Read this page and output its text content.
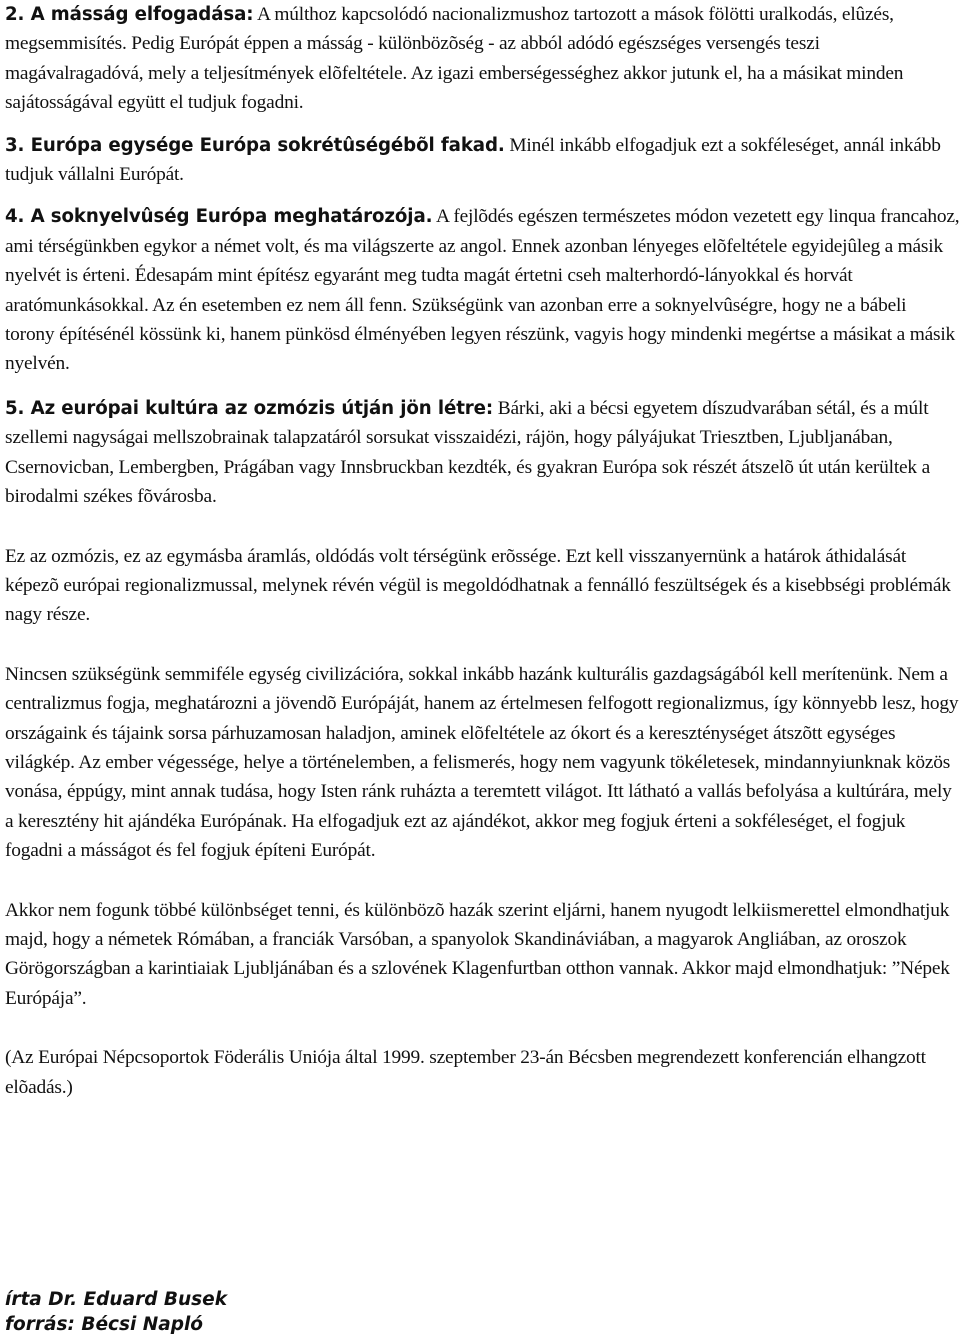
2. A másság elfogadása: A múlthoz kapcsolódó nacionalizmushoz tartozott a mások fölötti uralkodás, elûzés, megsemmisítés. Pedig Európát éppen a másság - különbözõség - az abból adódó egészséges versengés teszi magávalragadóvá, mely a teljesítmények elõfeltétele. Az igazi emberségességhez akkor jutunk el, ha a másikat minden sajátosságával együtt el tudjuk fogadni.

3. Európa egysége Európa sokrétûségébõl fakad. Minél inkább elfogadjuk ezt a sokféleséget, annál inkább tudjuk vállalni Európát.

4. A soknyelvûség Európa meghatározója. A fejlõdés egészen természetes módon vezetett egy linqua francahoz, ami térségünkben egykor a német volt, és ma világszerte az angol. Ennek azonban lényeges elõfeltétele egyidejûleg a másik nyelvét is érteni. Édesapám mint építész egyaránt meg tudta magát értetni cseh malterhordó-lányokkal és horvát aratómunkásokkal. Az én esetemben ez nem áll fenn. Szükségünk van azonban erre a soknyelvûségre, hogy ne a bábeli torony építésénél kössünk ki, hanem pünkösd élményében legyen részünk, vagyis hogy mindenki megértse a másikat a másik nyelvén.

5. Az európai kultúra az ozmózis útján jön létre: Bárki, aki a bécsi egyetem díszudvarában sétál, és a múlt szellemi nagyságai mellszobrainak talapzatáról sorsukat visszaidézi, rájön, hogy pályájukat Triesztben, Ljubljanában, Csernovicban, Lembergben, Prágában vagy Innsbruckban kezdték, és gyakran Európa sok részét átszelõ út után kerültek a birodalmi székes fõvárosba.

Ez az ozmózis, ez az egymásba áramlás, oldódás volt térségünk erõssége. Ezt kell visszanyernünk a határok áthidalását képezõ európai regionalizmussal, melynek révén végül is megoldódhatnak a fennálló feszültségek és a kisebbségi problémák nagy része.

Nincsen szükségünk semmiféle egység civilizációra, sokkal inkább hazánk kulturális gazdagságából kell merítenünk. Nem a centralizmus fogja, meghatározni a jövendõ Európáját, hanem az értelmesen felfogott regionalizmus, így könnyebb lesz, hogy országaink és tájaink sorsa párhuzamosan haladjon, aminek elõfeltétele az ókort és a kereszténységet átszõtt egységes világkép. Az ember végessége, helye a történelemben, a felismerés, hogy nem vagyunk tökéletesek, mindannyiunknak közös vonása, éppúgy, mint annak tudása, hogy Isten ránk ruházta a teremtett világot. Itt látható a vallás befolyása a kultúrára, mely a keresztény hit ajándéka Európának. Ha elfogadjuk ezt az ajándékot, akkor meg fogjuk érteni a sokféleséget, el fogjuk fogadni a másságot és fel fogjuk építeni Európát.

Akkor nem fogunk többé különbséget tenni, és különbözõ hazák szerint eljárni, hanem nyugodt lelkiismerettel elmondhatjuk majd, hogy a németek Rómában, a franciák Varsóban, a spanyolok Skandináviában, a magyarok Angliában, az oroszok Görögországban a karintiaiak Ljubljánában és a szlovének Klagenfurtban otthon vannak. Akkor majd elmondhatjuk: ”Népek Európája”.

(Az Európai Népcsoportok Föderális Uniója által 1999. szeptember 23-án Bécsben megrendezett konferencián elhangzott elõadás.)

írta Dr. Eduard Busek
forrás: Bécsi Napló
